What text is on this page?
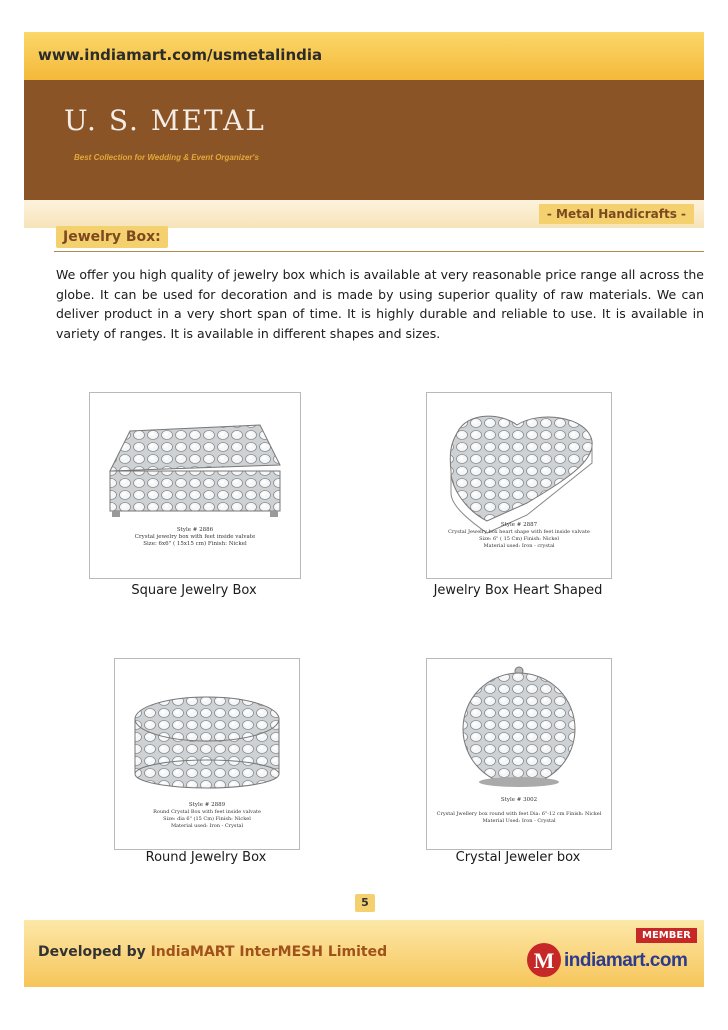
www.indiamart.com/usmetalindia
U. S. METAL
Best Collection for Wedding & Event Organizer's
- Metal Handicrafts -
Jewelry Box:
We offer you high quality of jewelry box which is available at very reasonable price range all across the globe. It can be used for decoration and is made by using superior quality of raw materials. We can deliver product in a very short span of time. It is highly durable and reliable to use. It is available in variety of ranges. It is available in different shapes and sizes.
Style # 2886
Crystal jewelry box with feet inside valvate
Size: 6x6" ( 15x15 cm) Finish: Nickel
Square Jewelry Box
Style # 2887
Crystal Jewelry box heart shape with feet inside valvate
Size: 6" ( 15 Cm) Finish: Nickel
Material used: Iron - crystal
Jewelry Box Heart Shaped
Style # 2889
Round Crystal Box with feet inside valvate
Size: dia 6" (15 Cm) Finish: Nickel
Material used: Iron - Crystal
Round Jewelry Box
Style # 3002
Crystal Jwellery box round with feet Dia: 6"-12 cm Finish: Nickel
Material Used: Iron - Crystal
Crystal Jeweler box
5
Developed by IndiaMART InterMESH Limited
MEMBER
M indiamart.com
